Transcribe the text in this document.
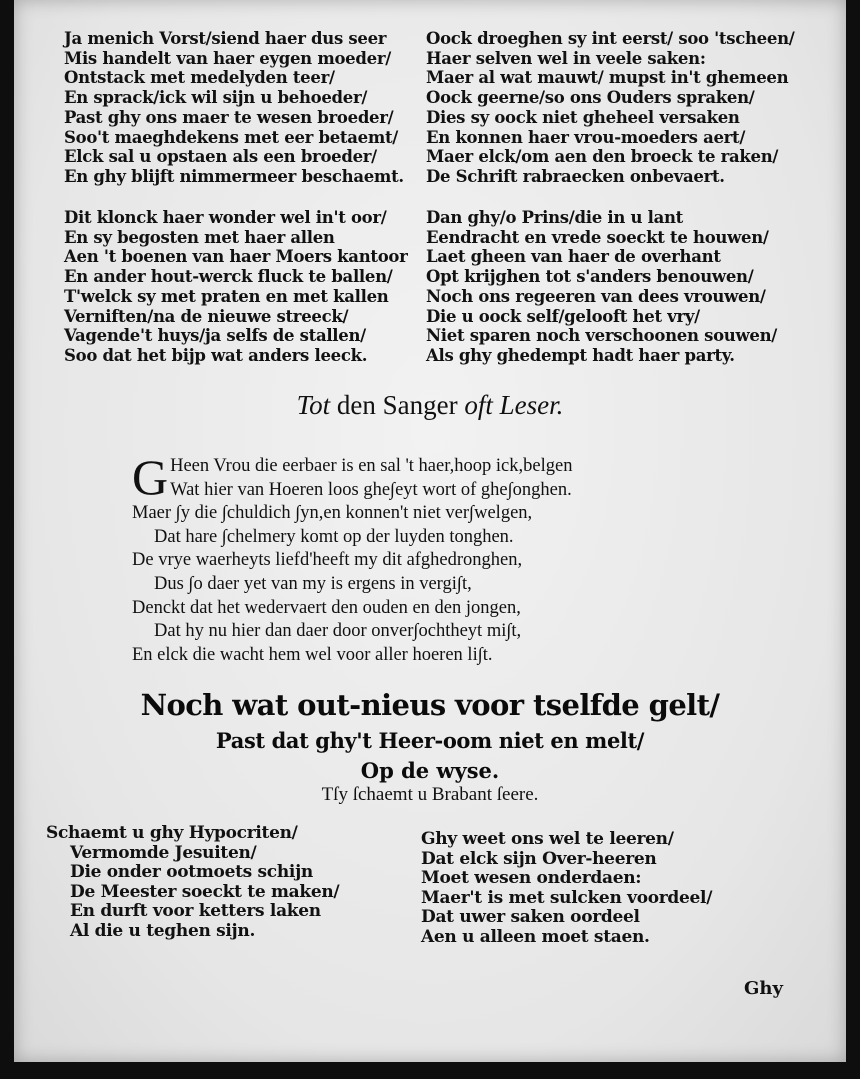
Ja menich Vorst/siend haer dus seer
Mis handelt van haer eygen moeder/
Ontstack met medelyden teer/
En sprack/ick wil sijn u behoeder/
Past ghy ons maer te wesen broeder/
Soo't maeghdekens met eer betaemt/
Elck sal u opstaen als een broeder/
En ghy blijft nimmermeer beschaemt.
Oock droeghen sy int eerst/ soo 'tscheen/
Haer selven wel in veele saken:
Maer al wat mauwt/ mupst in't ghemeen
Oock geerne/so ons Ouders spraken/
Dies sy oock niet gheheel versaken
En konnen haer vrou-moeders aert/
Maer elck/om aen den broeck te raken/
De Schrift rabraecken onbevaert.
Dit klonck haer wonder wel in't oor/
En sy begosten met haer allen
Aen 't boenen van haer Moers kantoor
En ander hout-werck fluck te ballen/
T'welck sy met praten en met kallen
Verniften/na de nieuwe streeck/
Vagende't huys/ja selfs de stallen/
Soo dat het bijp wat anders leeck.
Dan ghy/o Prins/die in u lant
Eendracht en vrede soeckt te houwen/
Laet gheen van haer de overhant
Opt krijghen tot s'anders benouwen/
Noch ons regeeren van dees vrouwen/
Die u oock self/gelooft het vry/
Niet sparen noch verschoonen souwen/
Als ghy ghedempt hadt haer party.
Tot den Sanger oft Leser.
G Heen Vrou die eerbaer is en sal 't haer,hoop ick,belgen
Wat hier van Hoeren loos ghe∫eyt wort of ghe∫onghen.
Maer ∫y die ∫chuldich ∫yn,en konnen't niet ver∫welgen,
Dat hare ∫chelmery komt op der luyden tonghen.
De vrye waerheyts liefd'heeft my dit afghedronghen,
Dus ∫o daer yet van my is ergens in vergi∫t,
Denckt dat het wedervaert den ouden en den jongen,
Dat hy nu hier dan daer door onver∫ochtheyt mi∫t,
En elck die wacht hem wel voor aller hoeren li∫t.
Noch wat out-nieus voor tselfde gelt/
Past dat ghy't Heer-oom niet en melt/
Op de wyse.
Tſy ſchaemt u Brabant ſeere.
Schaemt u ghy Hypocriten/
Vermomde Jesuiten/
Die onder ootmoets schijn
De Meester soeckt te maken/
En durft voor ketters laken
Al die u teghen sijn.
Ghy weet ons wel te leeren/
Dat elck sijn Over-heeren
Moet wesen onderdaen:
Maer't is met sulcken voordeel/
Dat uwer saken oordeel
Aen u alleen moet staen.
Ghy
